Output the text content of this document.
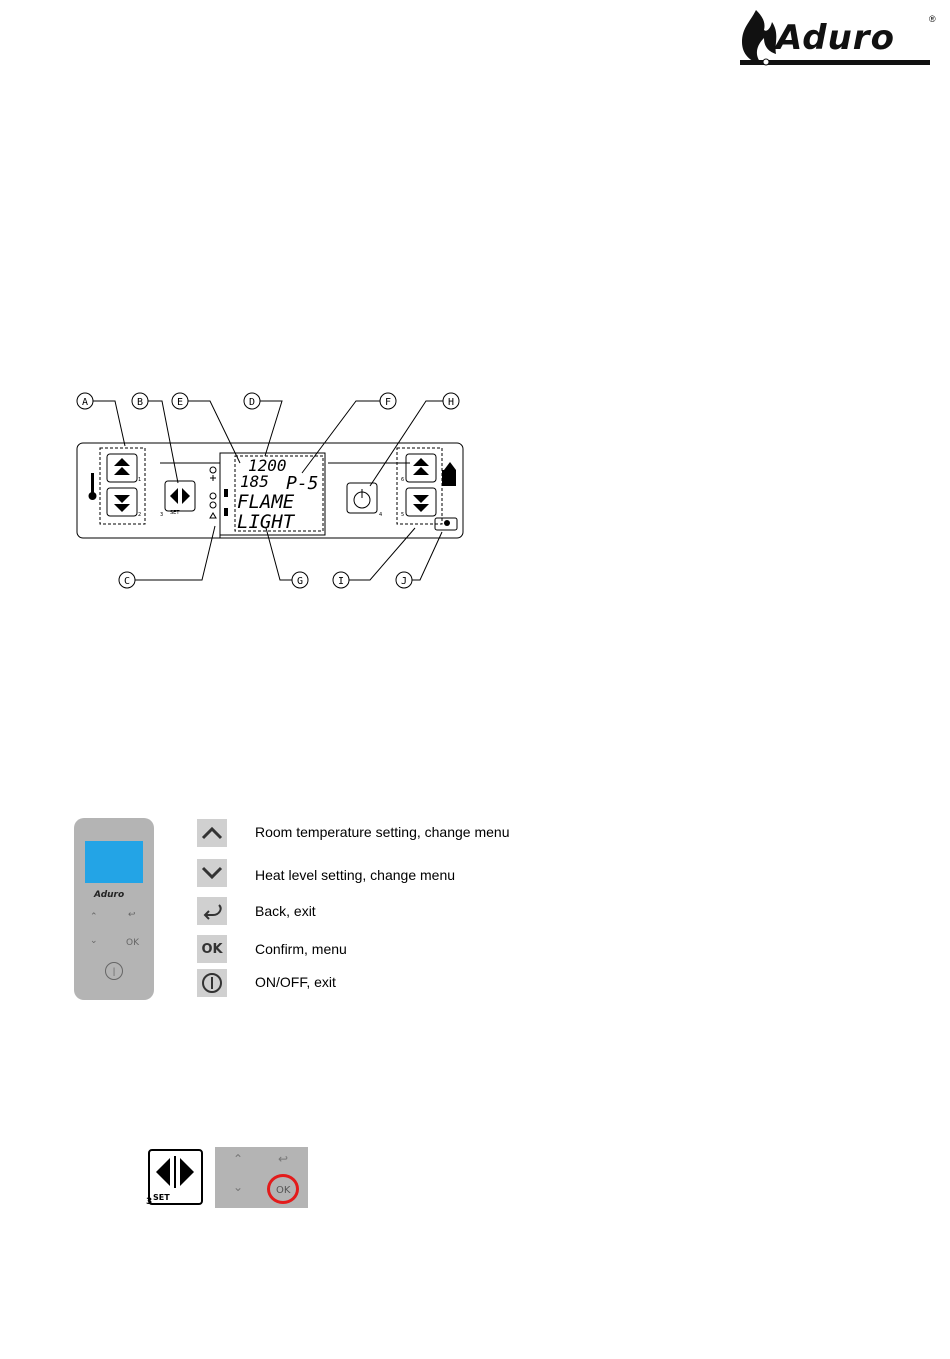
Aduro	®
A	B	E	D	F	H
C	G	I	J
1200
185 P-5
FLAME
LIGHT
SET
1
2	3	4	5
6
Aduro
⌃	↩
⌄	OK
|
Room temperature setting, change menu
Heat level setting, change menu
Back, exit
OK	Confirm, menu
ON/OFF, exit
3 SET
⌃	↩
⌄	OK
